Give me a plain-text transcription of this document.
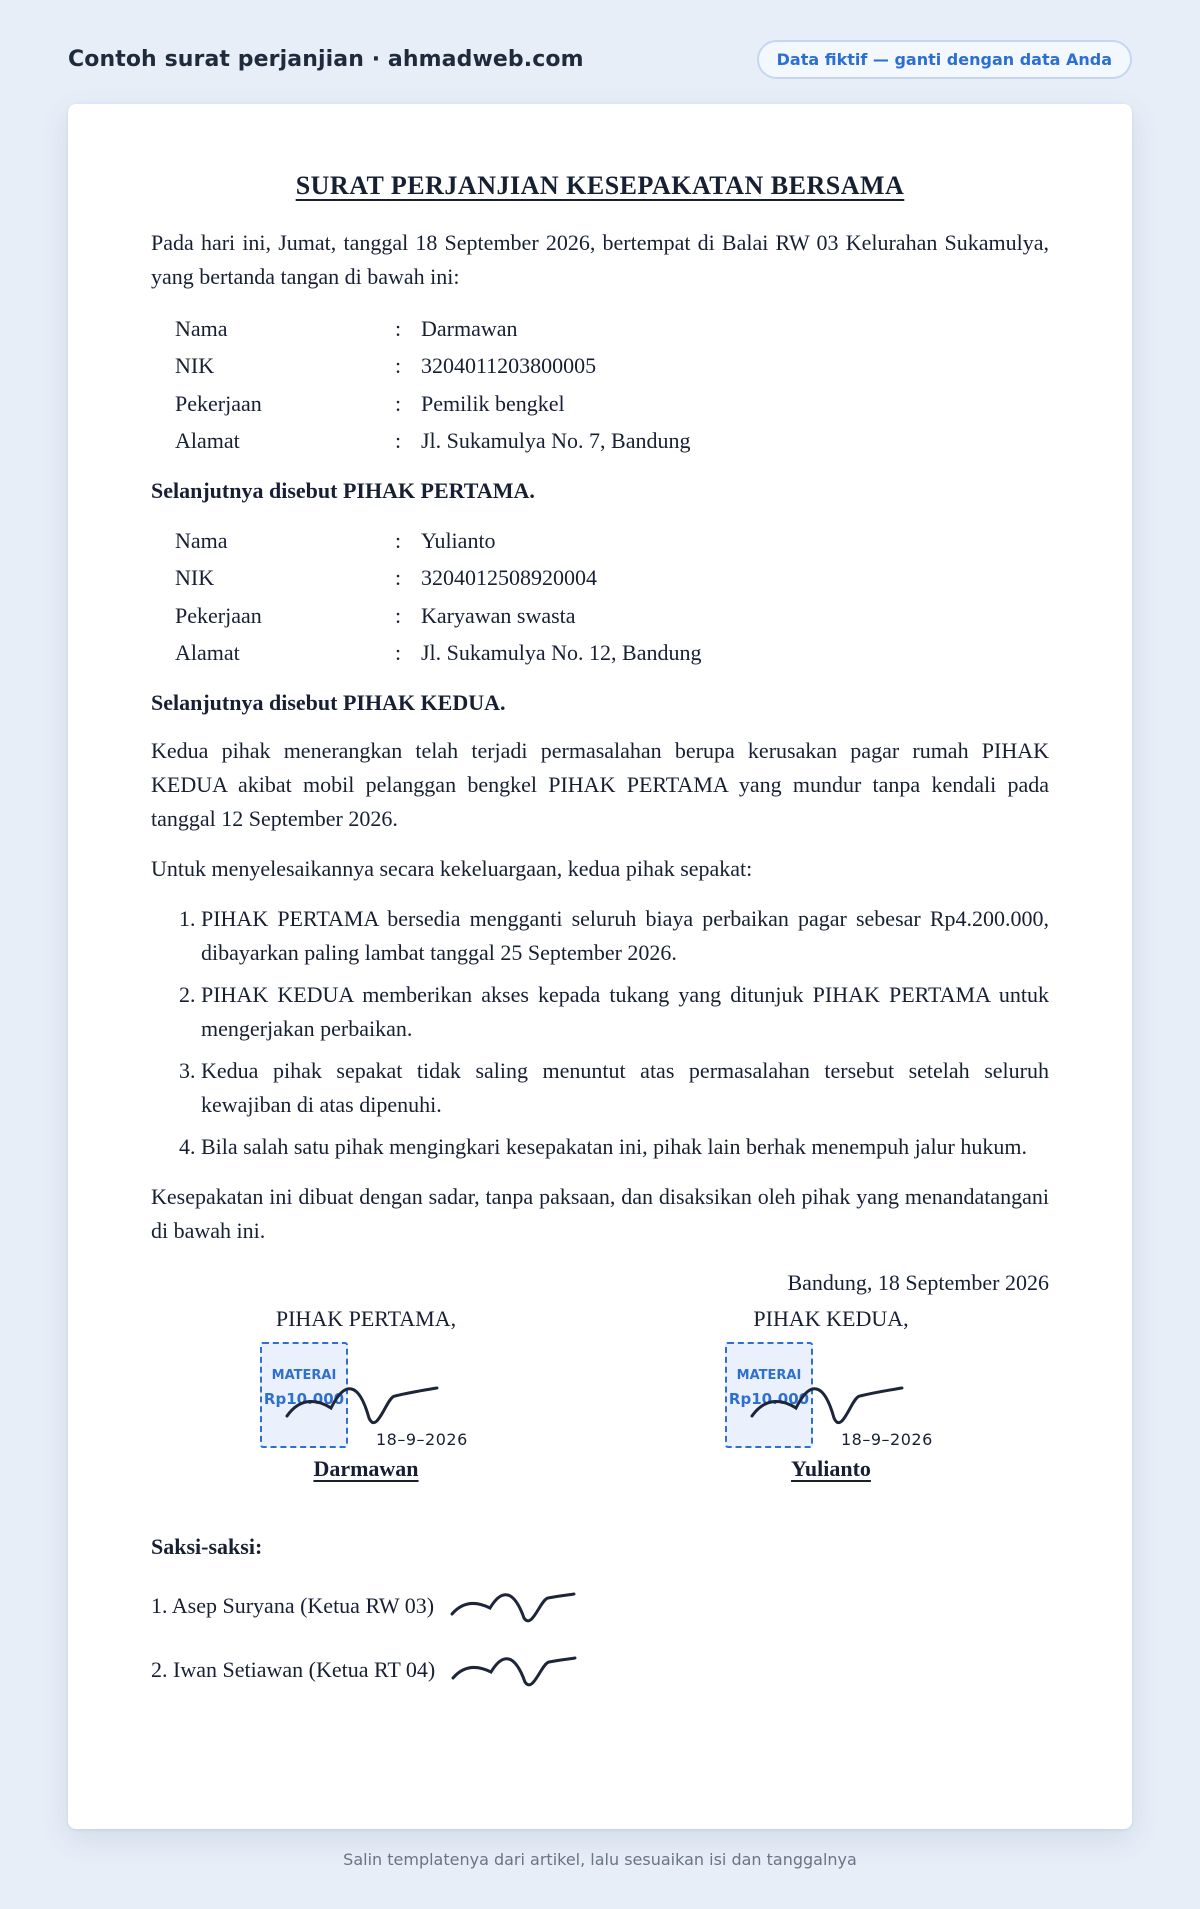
Contoh surat perjanjian · ahmadweb.com	Data fiktif — ganti dengan data Anda
SURAT PERJANJIAN KESEPAKATAN BERSAMA

Pada hari ini, Jumat, tanggal 18 September 2026, bertempat di Balai RW 03 Kelurahan Sukamulya, yang bertanda tangan di bawah ini:

Nama	: Darmawan
NIK	: 3204011203800005
Pekerjaan	: Pemilik bengkel
Alamat	: Jl. Sukamulya No. 7, Bandung

Selanjutnya disebut PIHAK PERTAMA.

Nama	: Yulianto
NIK	: 3204012508920004
Pekerjaan	: Karyawan swasta
Alamat	: Jl. Sukamulya No. 12, Bandung

Selanjutnya disebut PIHAK KEDUA.

Kedua pihak menerangkan telah terjadi permasalahan berupa kerusakan pagar rumah PIHAK KEDUA akibat mobil pelanggan bengkel PIHAK PERTAMA yang mundur tanpa kendali pada tanggal 12 September 2026.

Untuk menyelesaikannya secara kekeluargaan, kedua pihak sepakat:

1. PIHAK PERTAMA bersedia mengganti seluruh biaya perbaikan pagar sebesar Rp4.200.000, dibayarkan paling lambat tanggal 25 September 2026.
2. PIHAK KEDUA memberikan akses kepada tukang yang ditunjuk PIHAK PERTAMA untuk mengerjakan perbaikan.
3. Kedua pihak sepakat tidak saling menuntut atas permasalahan tersebut setelah seluruh kewajiban di atas dipenuhi.
4. Bila salah satu pihak mengingkari kesepakatan ini, pihak lain berhak menempuh jalur hukum.

Kesepakatan ini dibuat dengan sadar, tanpa paksaan, dan disaksikan oleh pihak yang menandatangani di bawah ini.

Bandung, 18 September 2026
PIHAK PERTAMA,
MATERAI
Rp10.000
18–9–2026
Darmawan
PIHAK KEDUA,
MATERAI
Rp10.000
18–9–2026
Yulianto

Saksi-saksi:

1. Asep Suryana (Ketua RW 03)
2. Iwan Setiawan (Ketua RT 04)
Salin templatenya dari artikel, lalu sesuaikan isi dan tanggalnya
